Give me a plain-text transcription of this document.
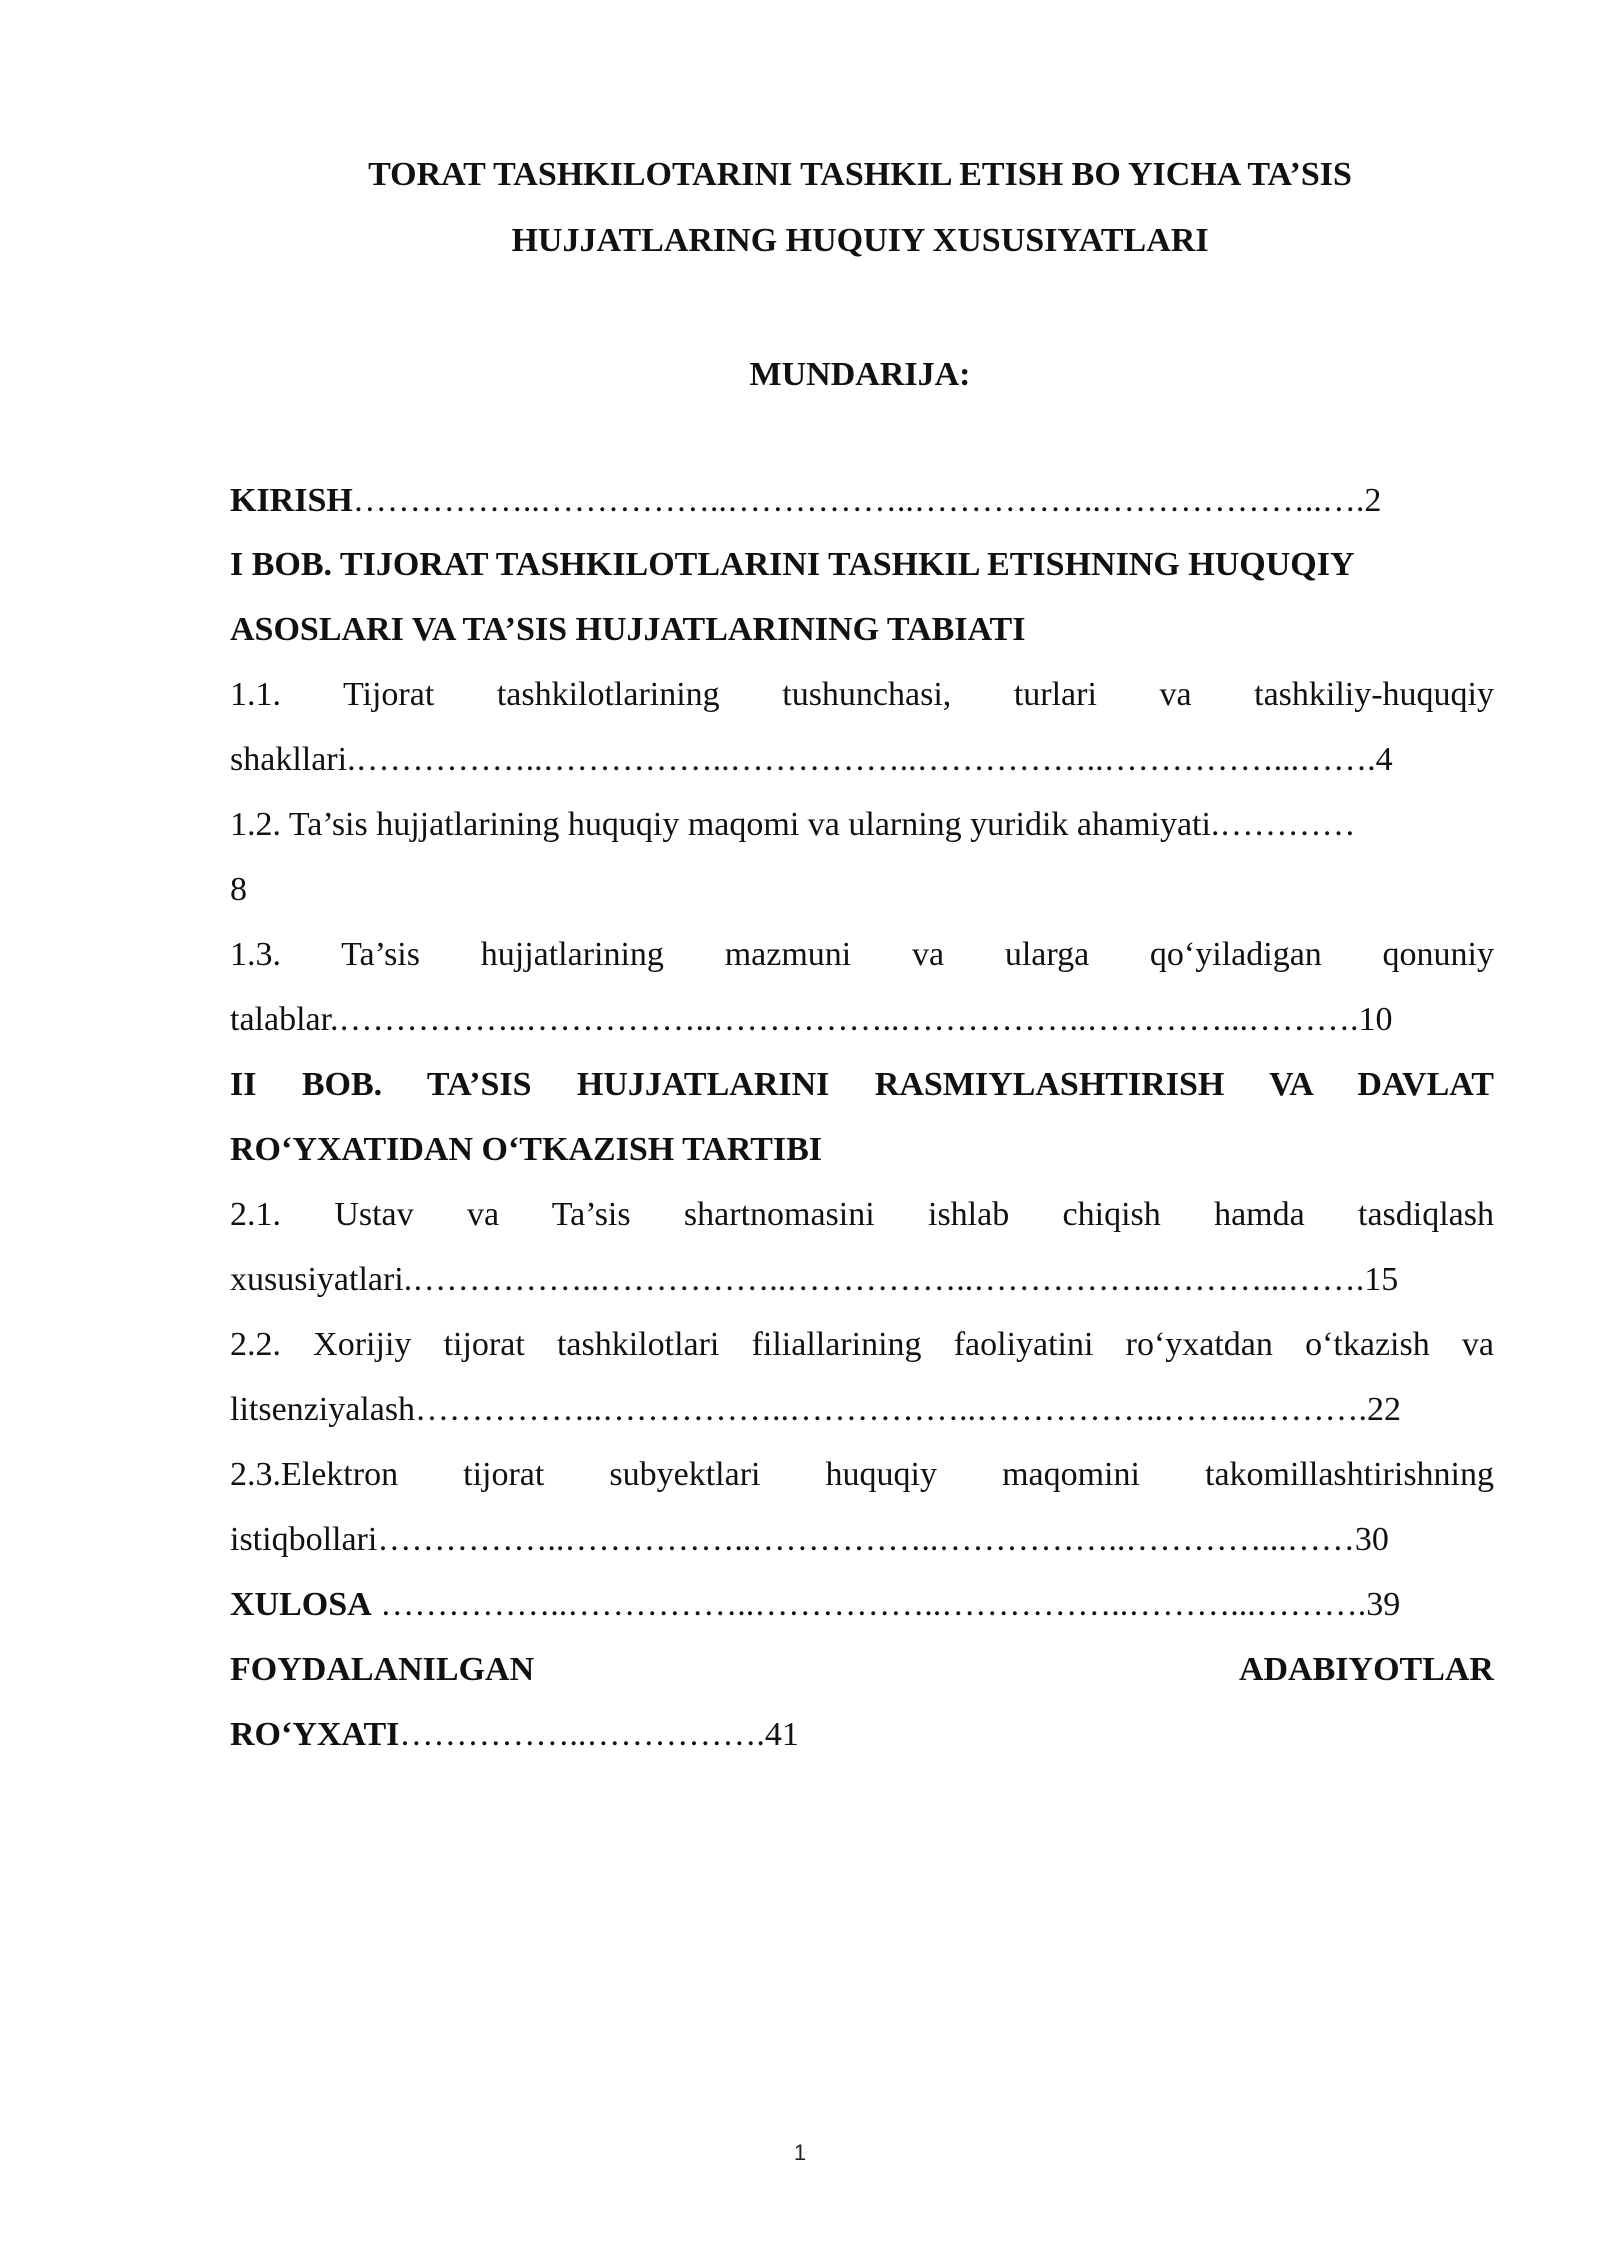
TORAT TASHKILOTARINI TASHKIL ETISH BO YICHA TA’SIS
HUJJATLARING HUQUIY XUSUSIYATLARI
MUNDARIJA:
KIRISH……………..……………..……………..……………..………………..….2
I BOB. TIJORAT TASHKILOTLARINI TASHKIL ETISHNING HUQUQIY
ASOSLARI VA TA’SIS HUJJATLARINING TABIATI
1.1. Tijorat tashkilotlarining tushunchasi, turlari va tashkiliy-huquqiy
shakllari.……………..……………..……………..……………..……………...…….4
1.2. Ta’sis hujjatlarining huquqiy maqomi va ularning yuridik ahamiyati.…………
8
1.3. Ta’sis hujjatlarining mazmuni va ularga qo‘yiladigan qonuniy
talablar.……………..……………..……………..……………..…………...……….10
II BOB. TA’SIS HUJJATLARINI RASMIYLASHTIRISH VA DAVLAT
RO‘YXATIDAN O‘TKAZISH TARTIBI
2.1. Ustav va Ta’sis shartnomasini ishlab chiqish hamda tasdiqlash
xususiyatlari.……………..……………..……………..……………..………...…….15
2.2. Xorijiy tijorat tashkilotlari filiallarining faoliyatini ro‘yxatdan o‘tkazish va
litsenziyalash……………..……………..……………..……………..……...……….22
2.3.Elektron tijorat subyektlari huquqiy maqomini takomillashtirishning
istiqbollari……………..……………..……………..……………..…………...……30
XULOSA ……………..……………..……………..……………..………...……….39
FOYDALANILGAN	ADABIYOTLAR
RO‘YXATI……………..…………….41
1
